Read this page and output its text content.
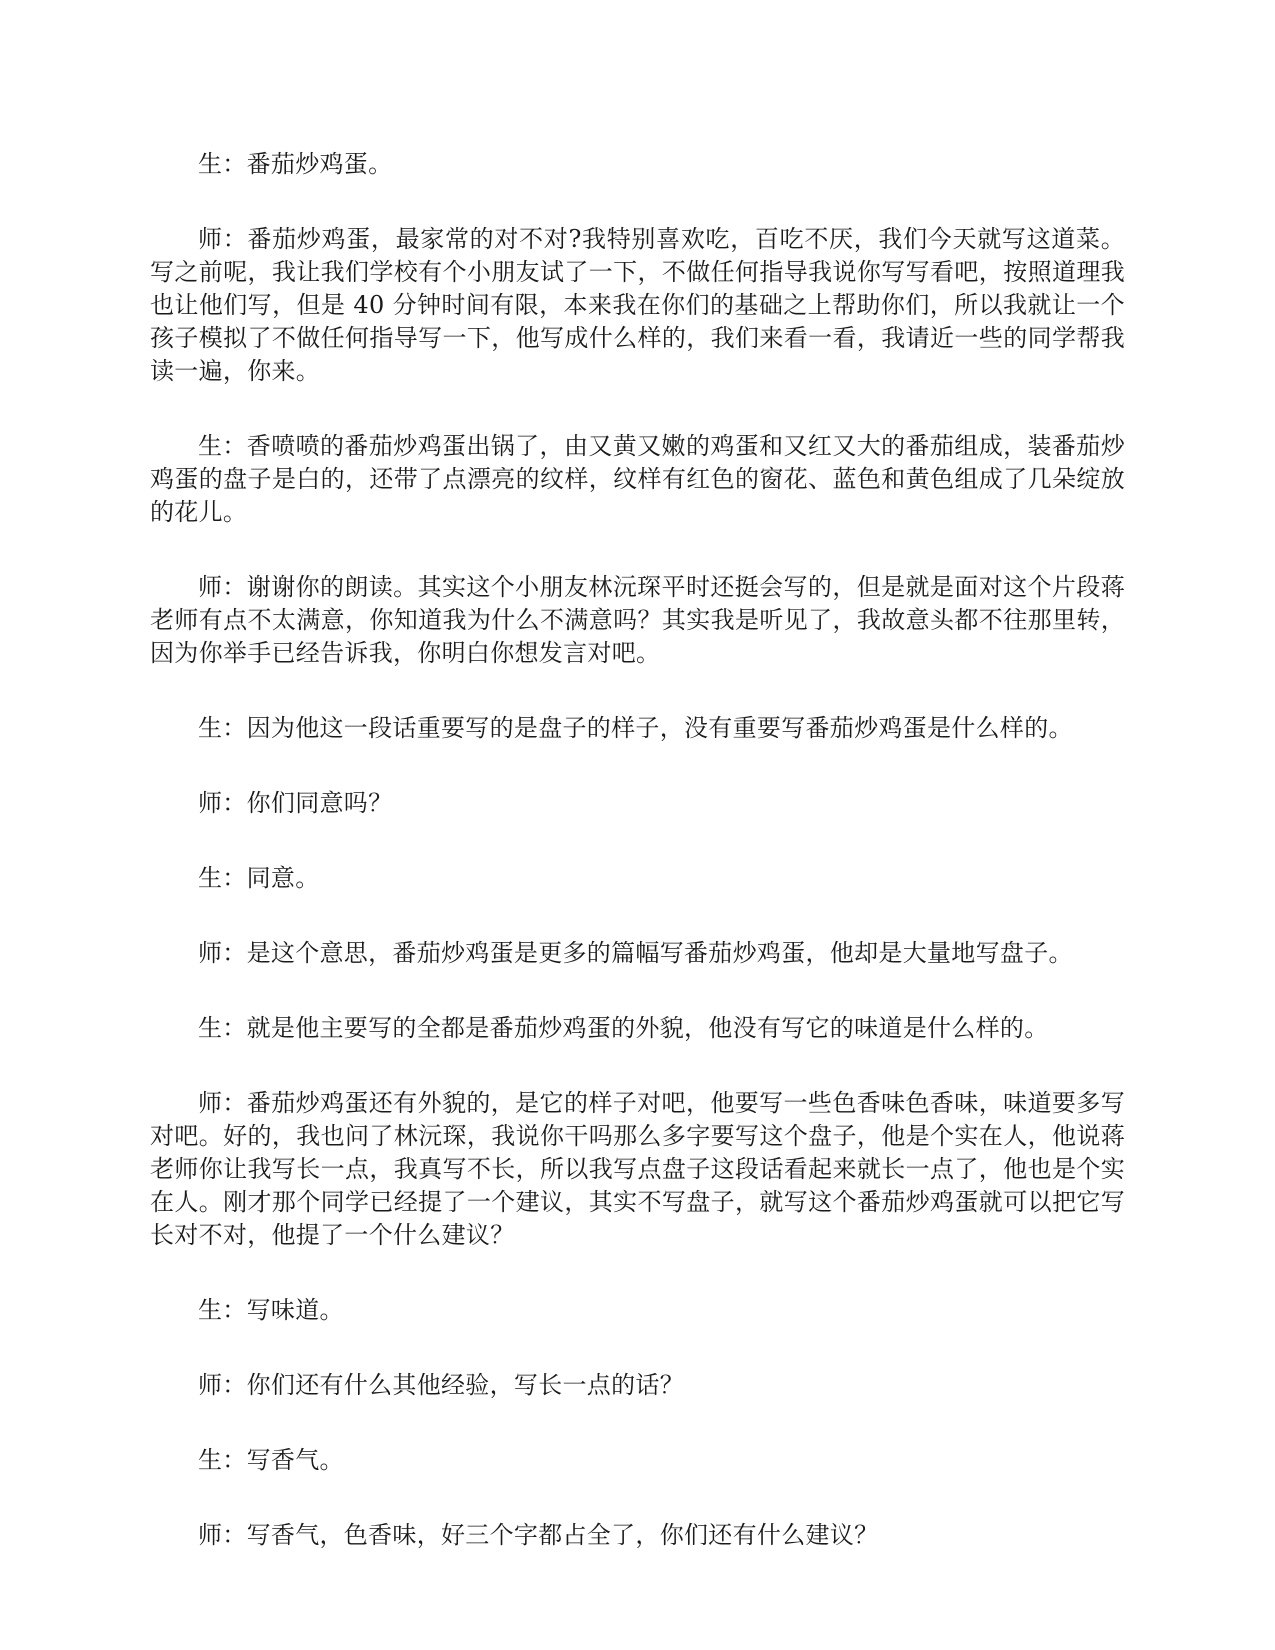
生：番茄炒鸡蛋。

师：番茄炒鸡蛋，最家常的对不对?我特别喜欢吃，百吃不厌，我们今天就写这道菜。写之前呢，我让我们学校有个小朋友试了一下，不做任何指导我说你写写看吧，按照道理我也让他们写，但是 40 分钟时间有限，本来我在你们的基础之上帮助你们，所以我就让一个孩子模拟了不做任何指导写一下，他写成什么样的，我们来看一看，我请近一些的同学帮我读一遍，你来。

生：香喷喷的番茄炒鸡蛋出锅了，由又黄又嫩的鸡蛋和又红又大的番茄组成，装番茄炒鸡蛋的盘子是白的，还带了点漂亮的纹样，纹样有红色的窗花、蓝色和黄色组成了几朵绽放的花儿。

师：谢谢你的朗读。其实这个小朋友林沅琛平时还挺会写的，但是就是面对这个片段蒋老师有点不太满意，你知道我为什么不满意吗？其实我是听见了，我故意头都不往那里转，因为你举手已经告诉我，你明白你想发言对吧。

生：因为他这一段话重要写的是盘子的样子，没有重要写番茄炒鸡蛋是什么样的。

师：你们同意吗？

生：同意。

师：是这个意思，番茄炒鸡蛋是更多的篇幅写番茄炒鸡蛋，他却是大量地写盘子。

生：就是他主要写的全都是番茄炒鸡蛋的外貌，他没有写它的味道是什么样的。

师：番茄炒鸡蛋还有外貌的，是它的样子对吧，他要写一些色香味色香味，味道要多写对吧。好的，我也问了林沅琛，我说你干吗那么多字要写这个盘子，他是个实在人，他说蒋老师你让我写长一点，我真写不长，所以我写点盘子这段话看起来就长一点了，他也是个实在人。刚才那个同学已经提了一个建议，其实不写盘子，就写这个番茄炒鸡蛋就可以把它写长对不对，他提了一个什么建议？

生：写味道。

师：你们还有什么其他经验，写长一点的话？

生：写香气。

师：写香气，色香味，好三个字都占全了，你们还有什么建议？
